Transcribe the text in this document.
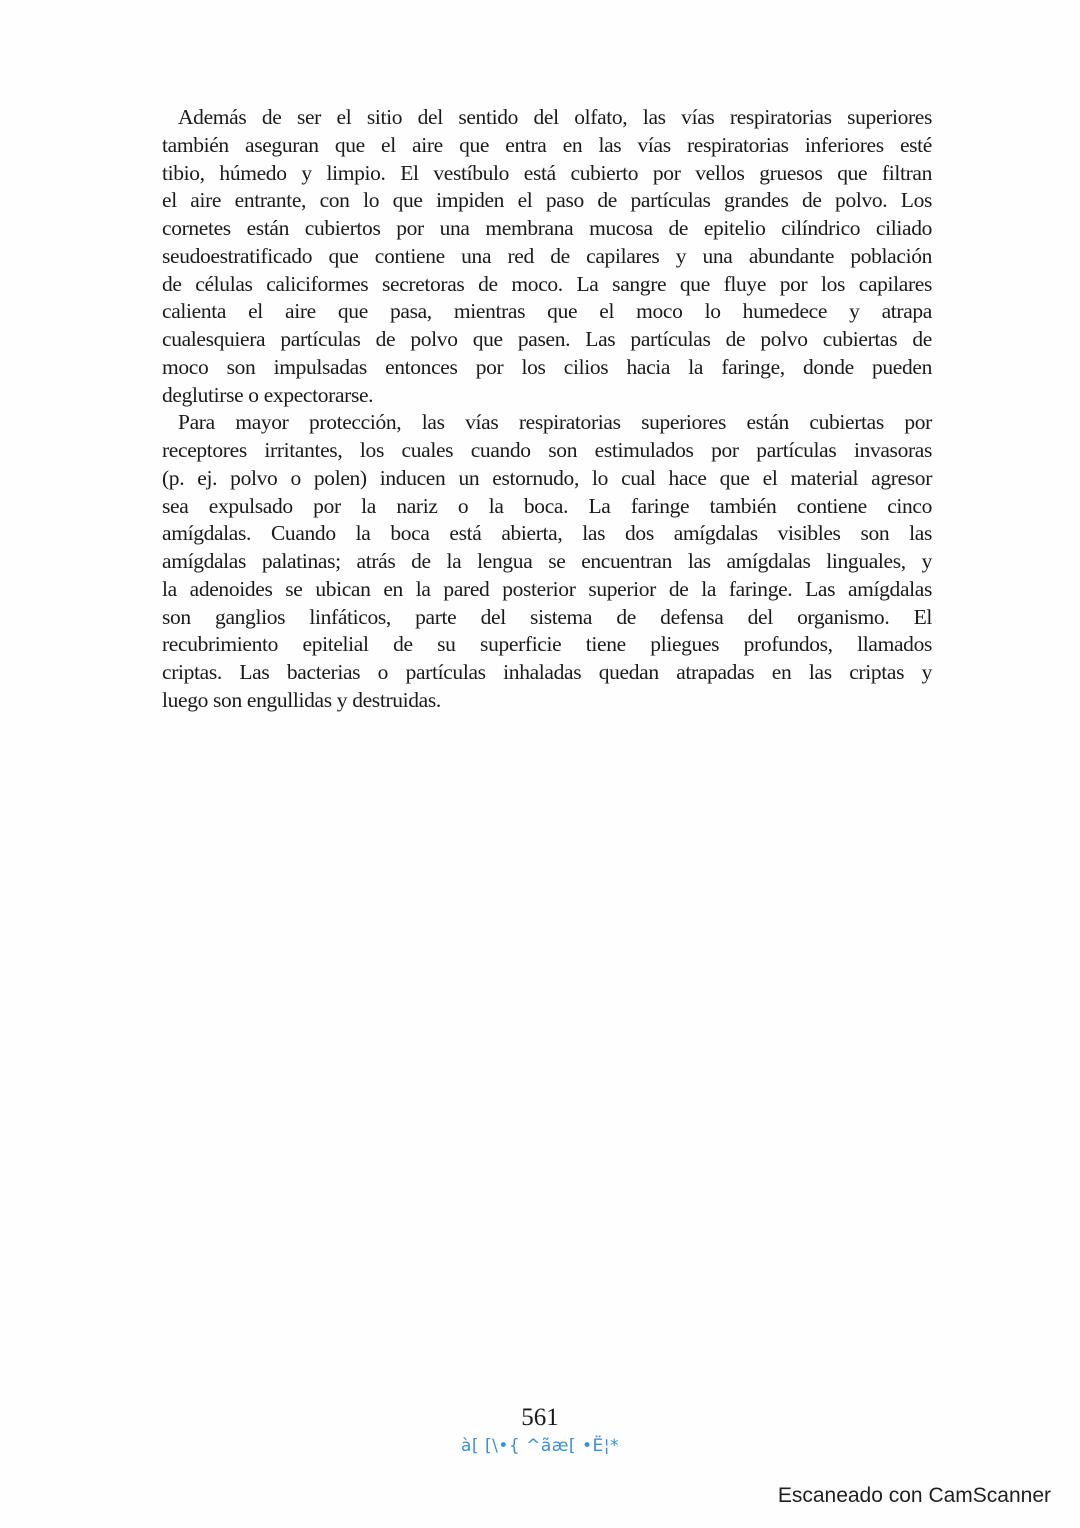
Además de ser el sitio del sentido del olfato, las vías respiratorias superiores
también aseguran que el aire que entra en las vías respiratorias inferiores esté
tibio, húmedo y limpio. El vestíbulo está cubierto por vellos gruesos que filtran
el aire entrante, con lo que impiden el paso de partículas grandes de polvo. Los
cornetes están cubiertos por una membrana mucosa de epitelio cilíndrico ciliado
seudoestratificado que contiene una red de capilares y una abundante población
de células caliciformes secretoras de moco. La sangre que fluye por los capilares
calienta el aire que pasa, mientras que el moco lo humedece y atrapa
cualesquiera partículas de polvo que pasen. Las partículas de polvo cubiertas de
moco son impulsadas entonces por los cilios hacia la faringe, donde pueden
deglutirse o expectorarse.
Para mayor protección, las vías respiratorias superiores están cubiertas por
receptores irritantes, los cuales cuando son estimulados por partículas invasoras
(p. ej. polvo o polen) inducen un estornudo, lo cual hace que el material agresor
sea expulsado por la nariz o la boca. La faringe también contiene cinco
amígdalas. Cuando la boca está abierta, las dos amígdalas visibles son las
amígdalas palatinas; atrás de la lengua se encuentran las amígdalas linguales, y
la adenoides se ubican en la pared posterior superior de la faringe. Las amígdalas
son ganglios linfáticos, parte del sistema de defensa del organismo. El
recubrimiento epitelial de su superficie tiene pliegues profundos, llamados
criptas. Las bacterias o partículas inhaladas quedan atrapadas en las criptas y
luego son engullidas y destruidas.
561
à[ [\•{ ^ãæ[ •Ë¦*
Escaneado con CamScanner
